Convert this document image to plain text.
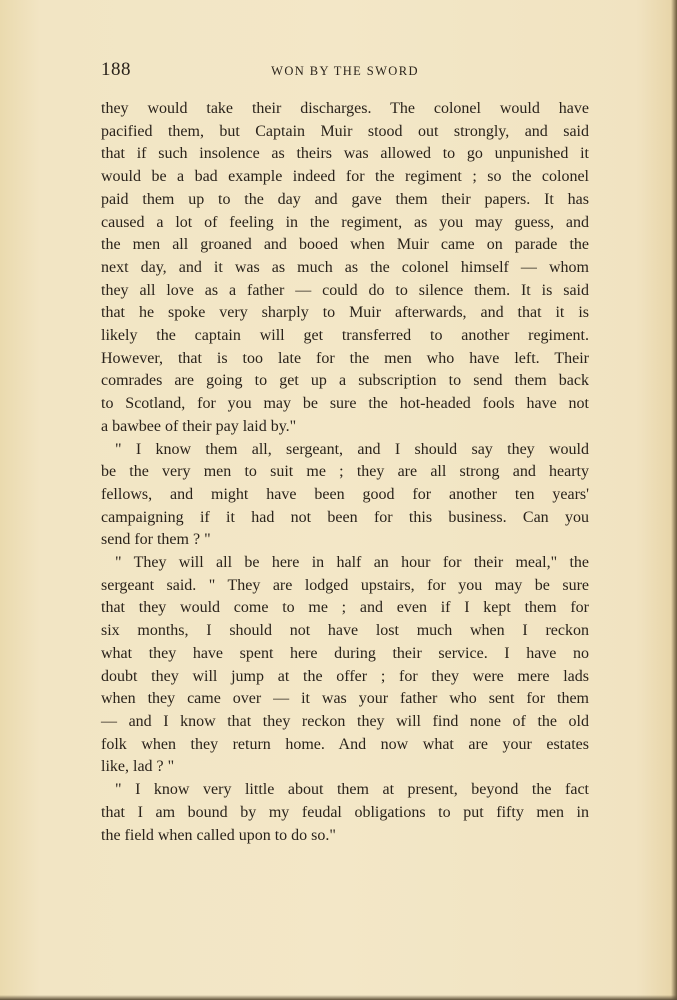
188	WON BY THE SWORD
they would take their discharges. The colonel would have
pacified them, but Captain Muir stood out strongly, and said
that if such insolence as theirs was allowed to go unpunished it
would be a bad example indeed for the regiment ; so the colonel
paid them up to the day and gave them their papers. It has
caused a lot of feeling in the regiment, as you may guess, and
the men all groaned and booed when Muir came on parade the
next day, and it was as much as the colonel himself — whom
they all love as a father — could do to silence them. It is said
that he spoke very sharply to Muir afterwards, and that it is
likely the captain will get transferred to another regiment.
However, that is too late for the men who have left. Their
comrades are going to get up a subscription to send them back
to Scotland, for you may be sure the hot-headed fools have not
a bawbee of their pay laid by."
" I know them all, sergeant, and I should say they would
be the very men to suit me ; they are all strong and hearty
fellows, and might have been good for another ten years'
campaigning if it had not been for this business. Can you
send for them ? "
" They will all be here in half an hour for their meal," the
sergeant said. " They are lodged upstairs, for you may be sure
that they would come to me ; and even if I kept them for
six months, I should not have lost much when I reckon
what they have spent here during their service. I have no
doubt they will jump at the offer ; for they were mere lads
when they came over — it was your father who sent for them
— and I know that they reckon they will find none of the old
folk when they return home. And now what are your estates
like, lad ? "
" I know very little about them at present, beyond the fact
that I am bound by my feudal obligations to put fifty men in
the field when called upon to do so."
